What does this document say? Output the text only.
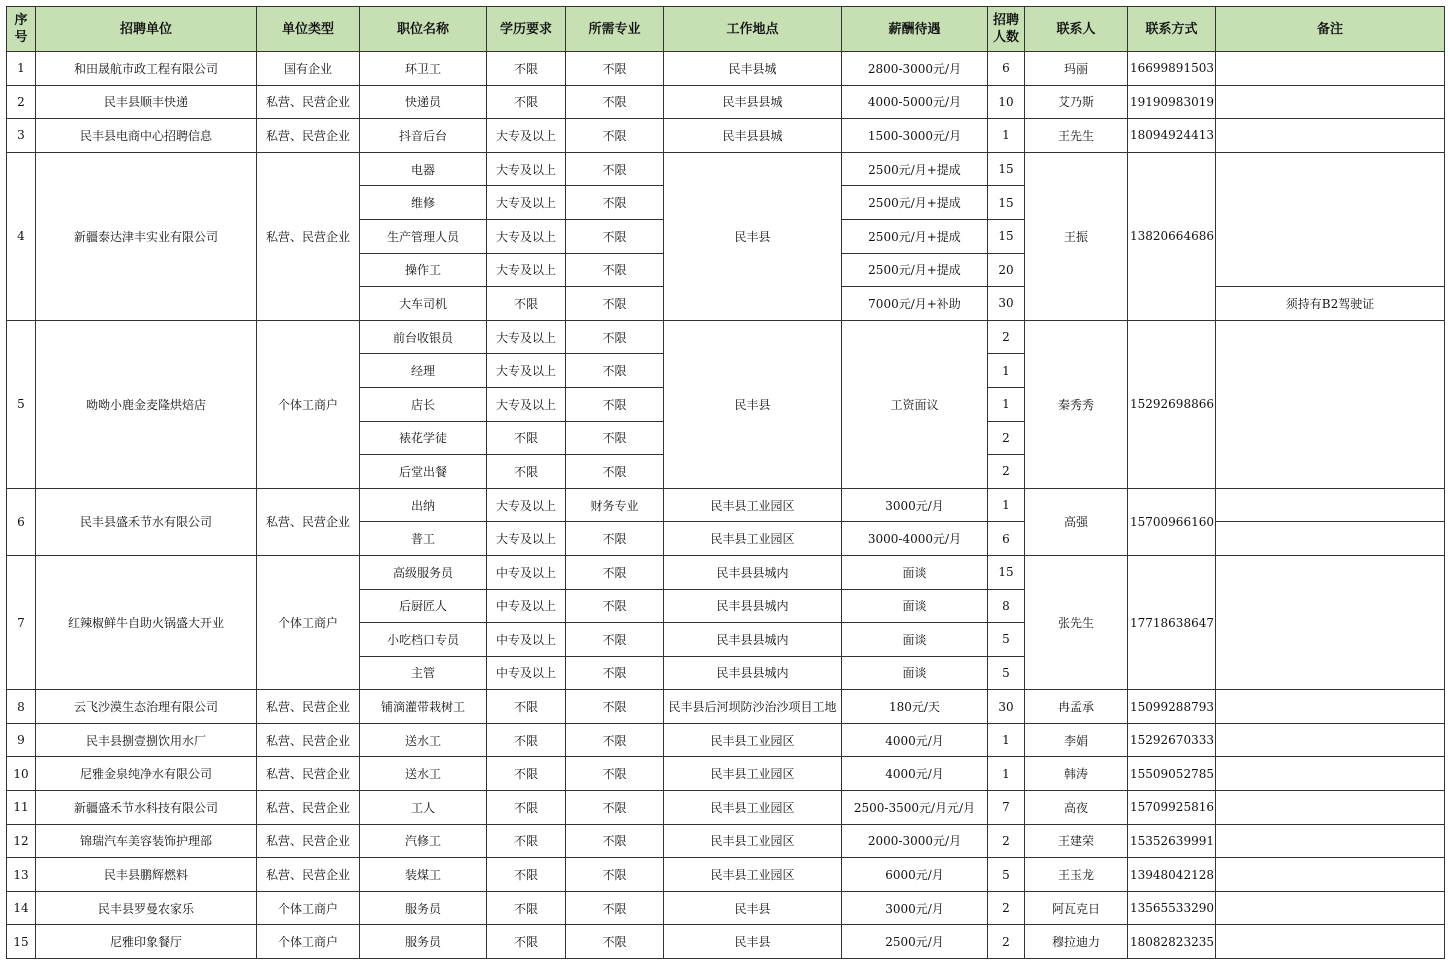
序号	招聘单位	单位类型	职位名称	学历要求	所需专业	工作地点	薪酬待遇	招聘人数	联系人	联系方式	备注
1	和田晟航市政工程有限公司	国有企业	环卫工	不限	不限	民丰县城	2800-3000元/月	6	玛丽	16699891503	
2	民丰县顺丰快递	私营、民营企业	快递员	不限	不限	民丰县县城	4000-5000元/月	10	艾乃斯	19190983019	
3	民丰县电商中心招聘信息	私营、民营企业	抖音后台	大专及以上	不限	民丰县县城	1500-3000元/月	1	王先生	18094924413	
4	新疆泰达津丰实业有限公司	私营、民营企业	电器	大专及以上	不限	民丰县	2500元/月+提成	15	王振	13820664686	
			维修	大专及以上	不限		2500元/月+提成	15			
			生产管理人员	大专及以上	不限		2500元/月+提成	15			
			操作工	大专及以上	不限		2500元/月+提成	20			
			大车司机	不限	不限		7000元/月+补助	30			须持有B2驾驶证
5	呦呦小鹿金麦隆烘焙店	个体工商户	前台收银员	大专及以上	不限	民丰县	工资面议	2	秦秀秀	15292698866	
			经理	大专及以上	不限			1			
			店长	大专及以上	不限			1			
			裱花学徒	不限	不限			2			
			后堂出餐	不限	不限			2			
6	民丰县盛禾节水有限公司	私营、民营企业	出纳	大专及以上	财务专业	民丰县工业园区	3000元/月	1	高强	15700966160	
			普工	大专及以上	不限	民丰县工业园区	3000-4000元/月	6			
7	红辣椒鲜牛自助火锅盛大开业	个体工商户	高级服务员	中专及以上	不限	民丰县县城内	面谈	15	张先生	17718638647	
			后厨匠人	中专及以上	不限	民丰县县城内	面谈	8			
			小吃档口专员	中专及以上	不限	民丰县县城内	面谈	5			
			主管	中专及以上	不限	民丰县县城内	面谈	5			
8	云飞沙漠生态治理有限公司	私营、民营企业	铺滴灌带栽树工	不限	不限	民丰县后河坝防沙治沙项目工地	180元/天	30	冉孟承	15099288793	
9	民丰县捌壹捌饮用水厂	私营、民营企业	送水工	不限	不限	民丰县工业园区	4000元/月	1	李娟	15292670333	
10	尼雅金泉纯净水有限公司	私营、民营企业	送水工	不限	不限	民丰县工业园区	4000元/月	1	韩涛	15509052785	
11	新疆盛禾节水科技有限公司	私营、民营企业	工人	不限	不限	民丰县工业园区	2500-3500元/月元/月	7	高夜	15709925816	
12	锦瑞汽车美容装饰护理部	私营、民营企业	汽修工	不限	不限	民丰县工业园区	2000-3000元/月	2	王建荣	15352639991	
13	民丰县鹏辉燃料	私营、民营企业	装煤工	不限	不限	民丰县工业园区	6000元/月	5	王玉龙	13948042128	
14	民丰县罗曼农家乐	个体工商户	服务员	不限	不限	民丰县	3000元/月	2	阿瓦克日	13565533290	
15	尼雅印象餐厅	个体工商户	服务员	不限	不限	民丰县	2500元/月	2	穆拉迪力	18082823235	
